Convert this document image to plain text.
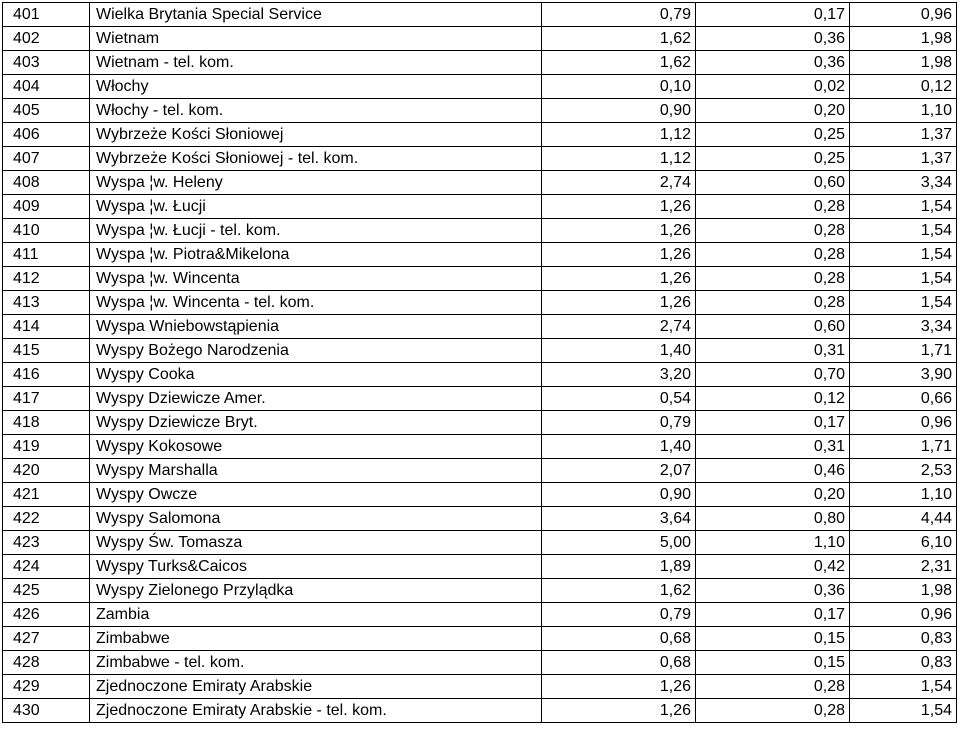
401	Wielka Brytania Special Service	0,79	0,17	0,96
402	Wietnam	1,62	0,36	1,98
403	Wietnam - tel. kom.	1,62	0,36	1,98
404	Włochy	0,10	0,02	0,12
405	Włochy - tel. kom.	0,90	0,20	1,10
406	Wybrzeże Kości Słoniowej	1,12	0,25	1,37
407	Wybrzeże Kości Słoniowej - tel. kom.	1,12	0,25	1,37
408	Wyspa ¦w. Heleny	2,74	0,60	3,34
409	Wyspa ¦w. Łucji	1,26	0,28	1,54
410	Wyspa ¦w. Łucji - tel. kom.	1,26	0,28	1,54
411	Wyspa ¦w. Piotra&Mikelona	1,26	0,28	1,54
412	Wyspa ¦w. Wincenta	1,26	0,28	1,54
413	Wyspa ¦w. Wincenta - tel. kom.	1,26	0,28	1,54
414	Wyspa Wniebowstąpienia	2,74	0,60	3,34
415	Wyspy Bożego Narodzenia	1,40	0,31	1,71
416	Wyspy Cooka	3,20	0,70	3,90
417	Wyspy Dziewicze Amer.	0,54	0,12	0,66
418	Wyspy Dziewicze Bryt.	0,79	0,17	0,96
419	Wyspy Kokosowe	1,40	0,31	1,71
420	Wyspy Marshalla	2,07	0,46	2,53
421	Wyspy Owcze	0,90	0,20	1,10
422	Wyspy Salomona	3,64	0,80	4,44
423	Wyspy Św. Tomasza	5,00	1,10	6,10
424	Wyspy Turks&Caicos	1,89	0,42	2,31
425	Wyspy Zielonego Przylądka	1,62	0,36	1,98
426	Zambia	0,79	0,17	0,96
427	Zimbabwe	0,68	0,15	0,83
428	Zimbabwe - tel. kom.	0,68	0,15	0,83
429	Zjednoczone Emiraty Arabskie	1,26	0,28	1,54
430	Zjednoczone Emiraty Arabskie - tel. kom.	1,26	0,28	1,54
